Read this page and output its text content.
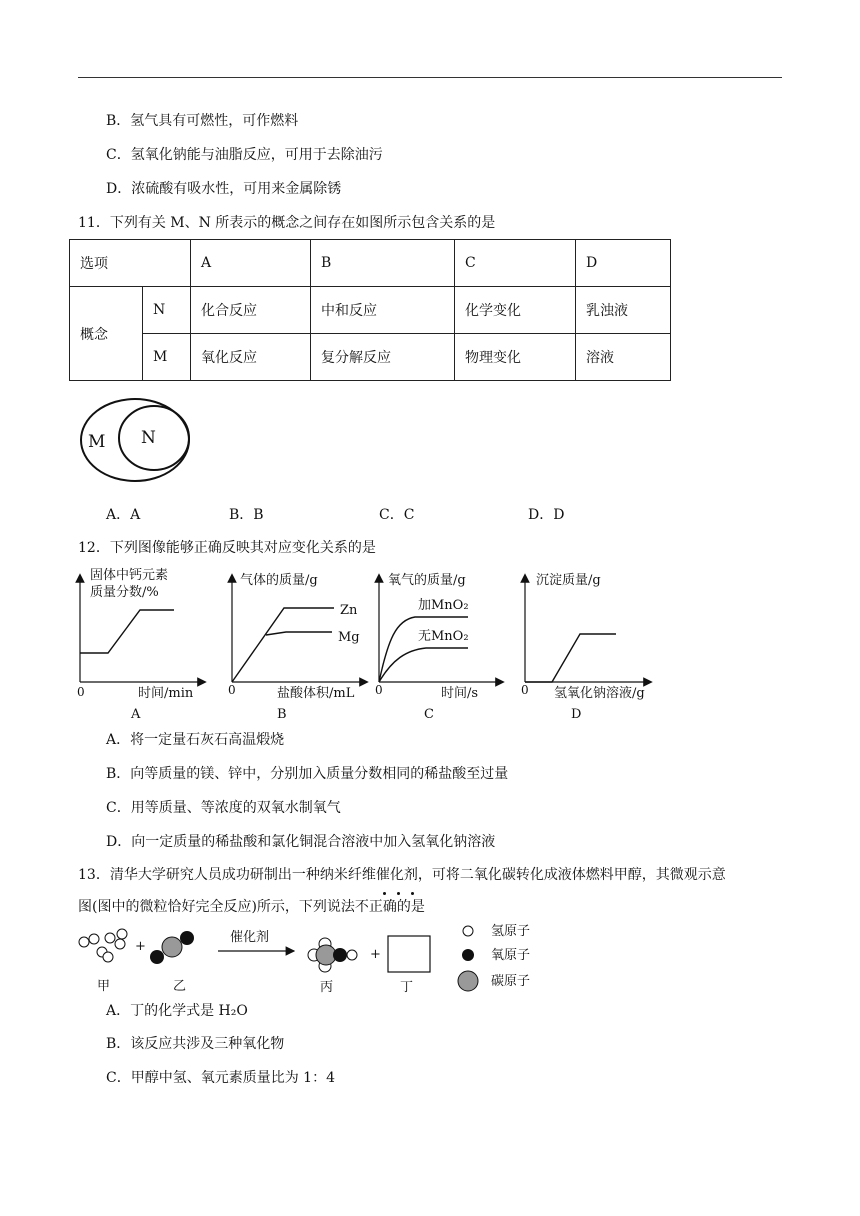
B．氢气具有可燃性，可作燃料
C．氢氧化钠能与油脂反应，可用于去除油污
D．浓硫酸有吸水性，可用来金属除锈
11．下列有关 M、N 所表示的概念之间存在如图所示包含关系的是
选项		A	B	C	D
概念	N	化合反应	中和反应	化学变化	乳浊液
	M	氧化反应	复分解反应	物理变化	溶液
M N
A．A	B．B	C．C	D．D
12．下列图像能够正确反映其对应变化关系的是
固体中钙元素
质量分数/%
0	时间/min
A
气体的质量/g
Zn
Mg
0	盐酸体积/mL
B
氧气的质量/g
加MnO₂
无MnO₂
0	时间/s
C
沉淀质量/g
0 氢氧化钠溶液/g
D
A．将一定量石灰石高温煅烧
B．向等质量的镁、锌中，分别加入质量分数相同的稀盐酸至过量
C．用等质量、等浓度的双氧水制氧气
D．向一定质量的稀盐酸和氯化铜混合溶液中加入氢氧化钠溶液
13．清华大学研究人员成功研制出一种纳米纤维催化剂，可将二氧化碳转化成液体燃料甲醇，其微观示意
图(图中的微粒恰好完全反应)所示，下列说法不正确的是
+
催化剂
+
氢原子
氧原子
碳原子
甲	乙	丙	丁
A．丁的化学式是 H₂O
B．该反应共涉及三种氧化物
C．甲醇中氢、氧元素质量比为 1：4
